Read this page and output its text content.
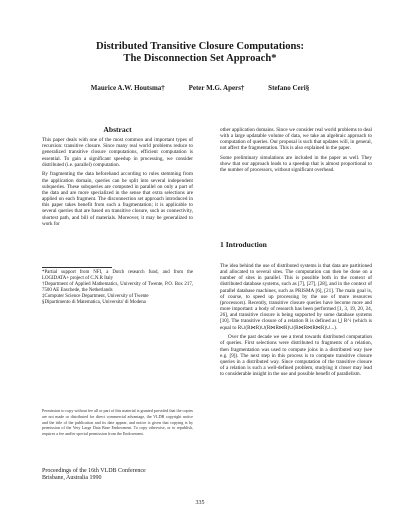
Distributed Transitive Closure Computations:
The Disconnection Set Approach*
Maurice A.W. Houtsma†	Peter M.G. Apers†	Stefano Ceri§
Abstract

This paper deals with one of the most common and important types of recursion: transitive closure. Since many real world problems reduce to generalized transitive closure computations, efficient computation is essential. To gain a significant speedup in processing, we consider distributed (i.e. parallel) computation.

By fragmenting the data beforehand according to rules stemming from the application domain, queries can be split into several independent subqueries. These subqueries are computed in parallel on only a part of the data and are more specialized in the sense that extra selections are applied on each fragment. The disconnection set approach introduced in this paper takes benefit from such a fragmentation; it is applicable to several queries that are based on transitive closure, such as connectivity, shortest path, and bill of materials. Moreover, it may be generalized to work for

*Partial support from NFI, a Dutch research fund, and from the LOGIDATA+ project of C.N.R Italy

†Department of Applied Mathematics, University of Twente, P.O. Box 217, 7500 AE Enschede, the Netherlands

‡Computer Science Department, University of Twente

§Dipartimento di Matematica, Universita' di Modena

Permission to copy without fee all or part of this material is granted provided that the copies are not made or distributed for direct commercial advantage, the VLDB copyright notice and the title of the publication and its date appear, and notice is given that copying is by permission of the Very Large Data Base Endowment. To copy otherwise, or to republish, requires a fee and/or special permission from the Endowment.
Proceedings of the 16th VLDB Conference
Brisbane, Australia 1990

other application domains. Since we consider real world problems to deal with a large updatable volume of data, we take an algebraic approach to computation of queries. Our proposal is such that updates will, in general, not affect the fragmentation. This is also explained in the paper.

Some preliminary simulations are included in the paper as well. They show that our approach leads to a speedup that is almost proportional to the number of processors, without significant overhead.

1 Introduction

The idea behind the use of distributed systems is that data are partitioned and allocated to several sites. The computation can then be done on a number of sites in parallel. This is possible both in the context of distributed database systems, such as [7], [27], [28], and in the context of parallel database machines, such as PRISMA [6], [21]. The main goal is, of course, to speed up processing by the use of more resources (processors). Recently, transitive closure queries have become more and more important: a body of research has been performed [1, 3, 19, 20, 24, 26], and transitive closure is being supported by some database systems [10]. The transitive closure of a relation R is defined as ⋃ R^i (which is equal to R∪(R⋈R)∪(R⋈R⋈R)∪(R⋈R⋈R⋈R)∪...).

Over the past decade we see a trend towards distributed computation of queries. First selections were distributed to fragments of a relation, then fragmentation was used to compute joins in a distributed way (see e.g. [9]). The next step in this process is to compute transitive closure queries in a distributed way. Since computation of the transitive closure of a relation is such a well-defined problem, studying it closer may lead to considerable insight in the use and possible benefit of parallelism.

335
